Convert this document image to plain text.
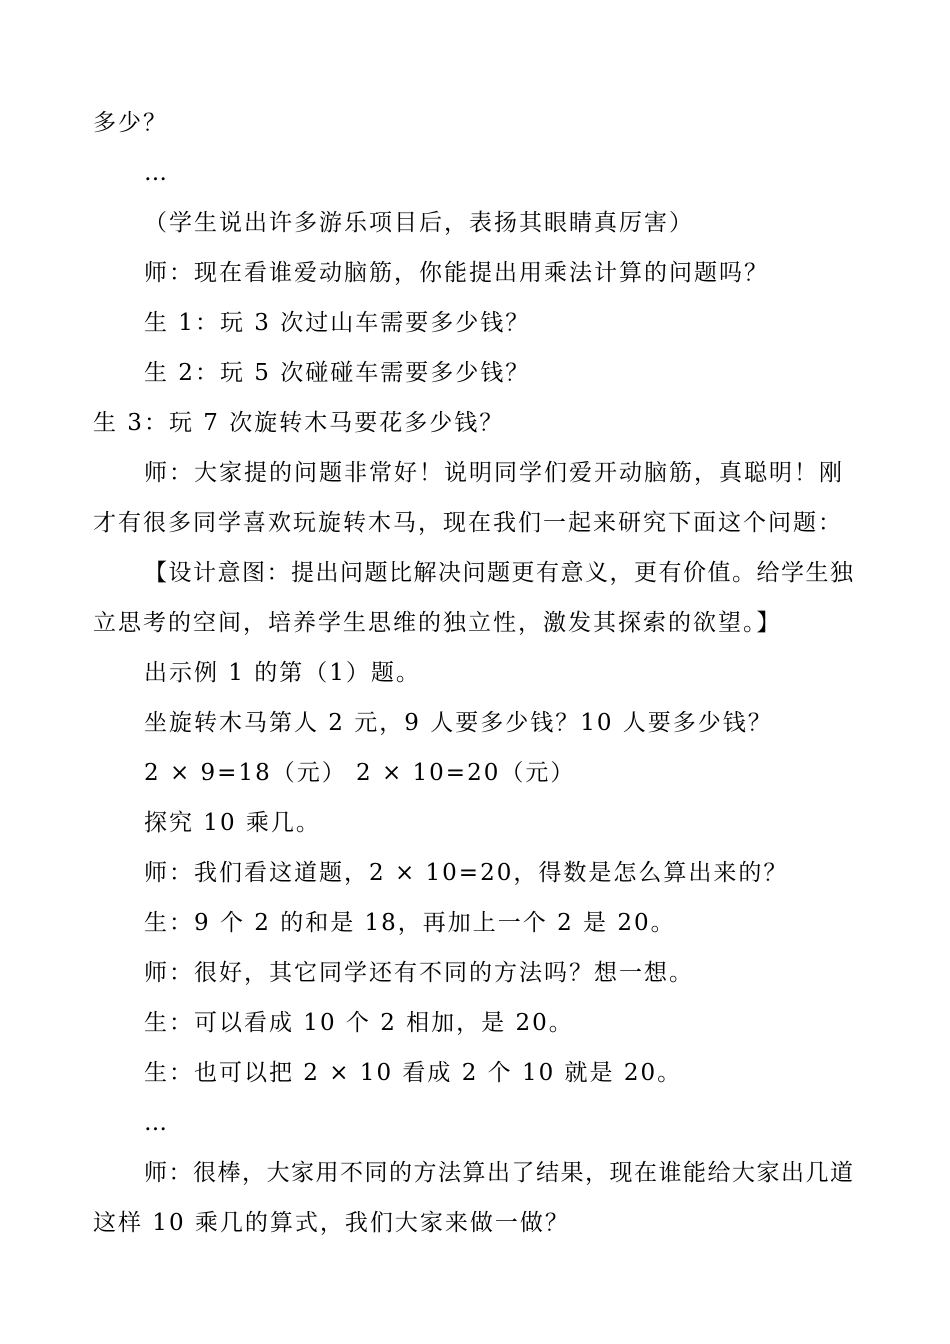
多少？

…

（学生说出许多游乐项目后，表扬其眼睛真厉害）

师：现在看谁爱动脑筋，你能提出用乘法计算的问题吗？

生 1：玩 3 次过山车需要多少钱？

生 2：玩 5 次碰碰车需要多少钱？

生 3：玩 7 次旋转木马要花多少钱？

师：大家提的问题非常好！说明同学们爱开动脑筋，真聪明！刚

才有很多同学喜欢玩旋转木马，现在我们一起来研究下面这个问题：

【设计意图：提出问题比解决问题更有意义，更有价值。给学生独

立思考的空间，培养学生思维的独立性，激发其探索的欲望。】

出示例 1 的第（1）题。

坐旋转木马第人 2 元，9 人要多少钱？10 人要多少钱？

2 × 9=18（元） 2 × 10=20（元）

探究 10 乘几。

师：我们看这道题，2 × 10=20，得数是怎么算出来的？

生：9 个 2 的和是 18，再加上一个 2 是 20。

师：很好，其它同学还有不同的方法吗？想一想。

生：可以看成 10 个 2 相加，是 20。

生：也可以把 2 × 10 看成 2 个 10 就是 20。

…

师：很棒，大家用不同的方法算出了结果，现在谁能给大家出几道

这样 10 乘几的算式，我们大家来做一做？
